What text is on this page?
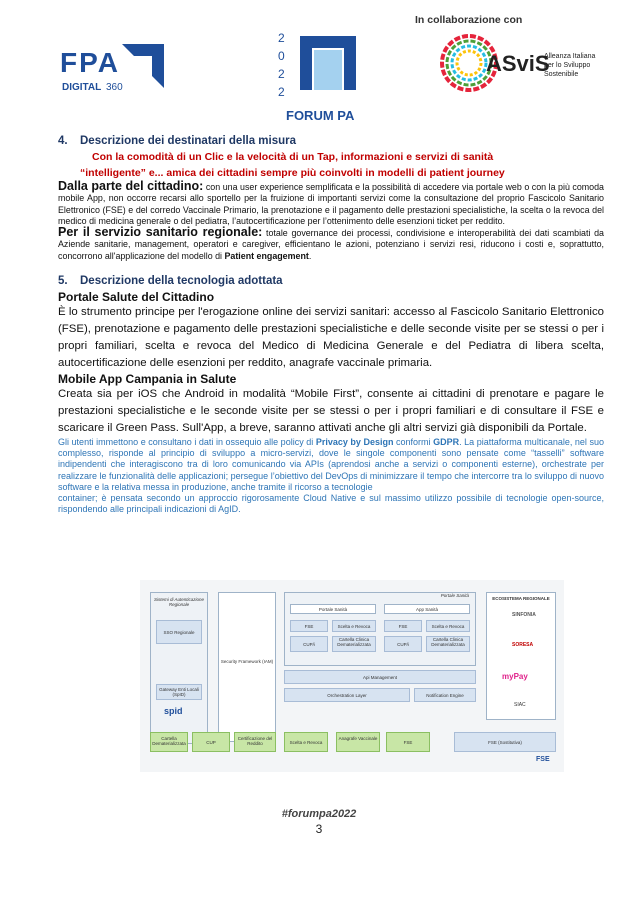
In collaborazione con
FPA
DIGITAL 360
2
0
2
2
FORUM PA
ASviS
Alleanza Italiana
per lo Sviluppo
Sostenibile

4. Descrizione dei destinatari della misura

Con la comodità di un Clic e la velocità di un Tap, informazioni e servizi di sanità
“intelligente” e... amica dei cittadini sempre più coinvolti in modelli di patient journey

Dalla parte del cittadino: con una user experience semplificata e la possibilità di accedere via portale web o con la più comoda mobile App, non occorre recarsi allo sportello per la fruizione di importanti servizi come la consultazione del proprio Fascicolo Sanitario Elettronico (FSE) e del corredo Vaccinale Primario, la prenotazione e il pagamento delle prestazioni specialistiche, la scelta o la revoca del medico di medicina generale o del pediatra, l’autocertificazione per l’ottenimento delle esenzioni ticket per reddito.

Per il servizio sanitario regionale: totale governance dei processi, condivisione e interoperabilità dei dati scambiati da Aziende sanitarie, management, operatori e caregiver, efficientano le azioni, potenziano i servizi resi, riducono i costi e, soprattutto, concorrono all'applicazione del modello di Patient engagement.

5. Descrizione della tecnologia adottata

Portale Salute del Cittadino

È lo strumento principe per l'erogazione online dei servizi sanitari: accesso al Fascicolo Sanitario Elettronico (FSE), prenotazione e pagamento delle prestazioni specialistiche e delle seconde visite per se stessi o per i propri familiari, scelta e revoca del Medico di Medicina Generale e del Pediatra di libera scelta, autocertificazione delle esenzioni per reddito, anagrafe vaccinale primaria.

Mobile App Campania in Salute

Creata sia per iOS che Android in modalità “Mobile First”, consente ai cittadini di prenotare e pagare le prestazioni specialistiche e le seconde visite per se stessi o per i propri familiari e di consultare il FSE e scaricare il Green Pass. Sull'App, a breve, saranno attivati anche gli altri servizi già disponibili da Portale.

Gli utenti immettono e consultano i dati in ossequio alle policy di Privacy by Design conformi GDPR. La piattaforma multicanale, nel suo complesso, risponde al principio di sviluppo a micro-servizi, dove le singole componenti sono pensate come “tasselli” software indipendenti che interagiscono tra di loro comunicando via APIs (aprendosi anche a servizi o componenti esterne), orchestrate per realizzare le funzionalità delle applicazioni; persegue l’obiettivo del DevOps di minimizzare il tempo che intercorre tra lo sviluppo di nuovo software e la relativa messa in produzione, anche tramite il ricorso a tecnologie

container; è pensata secondo un approccio rigorosamente Cloud Native e sul massimo utilizzo possibile di tecnologie open-source, rispondendo alle principali indicazioni di AgID.

Sistemi di Autenticazione Regionale
SSO Regionale
Gateway Enti Locali (SpID)
spid
Security Framework (IAM)
Portale Sanità
Portale Sanità	App Sanità
FSE	Scelta e Revoca
CUP/i
Cartella Clinica Dematerializzata
FSE	Scelta e Revoca
CUP/i
Cartella Clinica Dematerializzata
Api Management
Orchestration Layer	Notification Engine
Cartella Dematerializzata	CUP
Certificazione del Reddito	Scelta e Revoca
Anagrafe Vaccinale
FSE
ECOSISTEMA REGIONALE
SINFONIA
SORESA
myPay
SIAC
FSE (Sostitutiva)
FSE
#forumpa2022
3
